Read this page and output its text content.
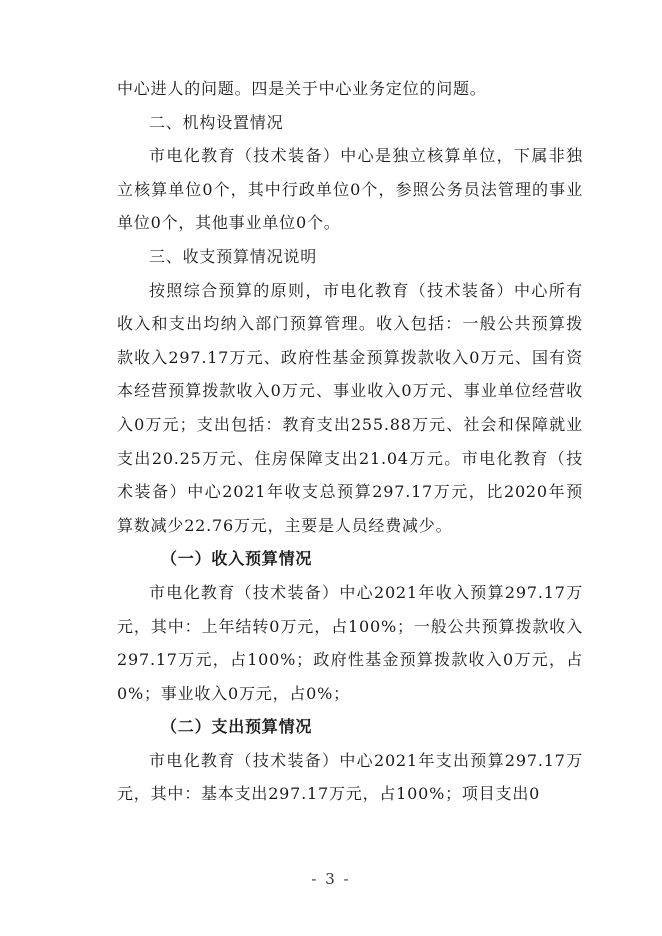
中心进人的问题。四是关于中心业务定位的问题。

二、机构设置情况

市电化教育（技术装备）中心是独立核算单位，下属非独立核算单位0个，其中行政单位0个，参照公务员法管理的事业单位0个，其他事业单位0个。

三、收支预算情况说明

按照综合预算的原则，市电化教育（技术装备）中心所有收入和支出均纳入部门预算管理。收入包括：一般公共预算拨款收入297.17万元、政府性基金预算拨款收入0万元、国有资本经营预算拨款收入0万元、事业收入0万元、事业单位经营收入0万元；支出包括：教育支出255.88万元、社会和保障就业支出20.25万元、住房保障支出21.04万元。市电化教育（技术装备）中心2021年收支总预算297.17万元，比2020年预算数减少22.76万元，主要是人员经费减少。

（一）收入预算情况

市电化教育（技术装备）中心2021年收入预算297.17万元，其中：上年结转0万元，占100%；一般公共预算拨款收入297.17万元，占100%；政府性基金预算拨款收入0万元，占0%；事业收入0万元，占0%；

（二）支出预算情况

市电化教育（技术装备）中心2021年支出预算297.17万元，其中：基本支出297.17万元，占100%；项目支出0

- 3 -
